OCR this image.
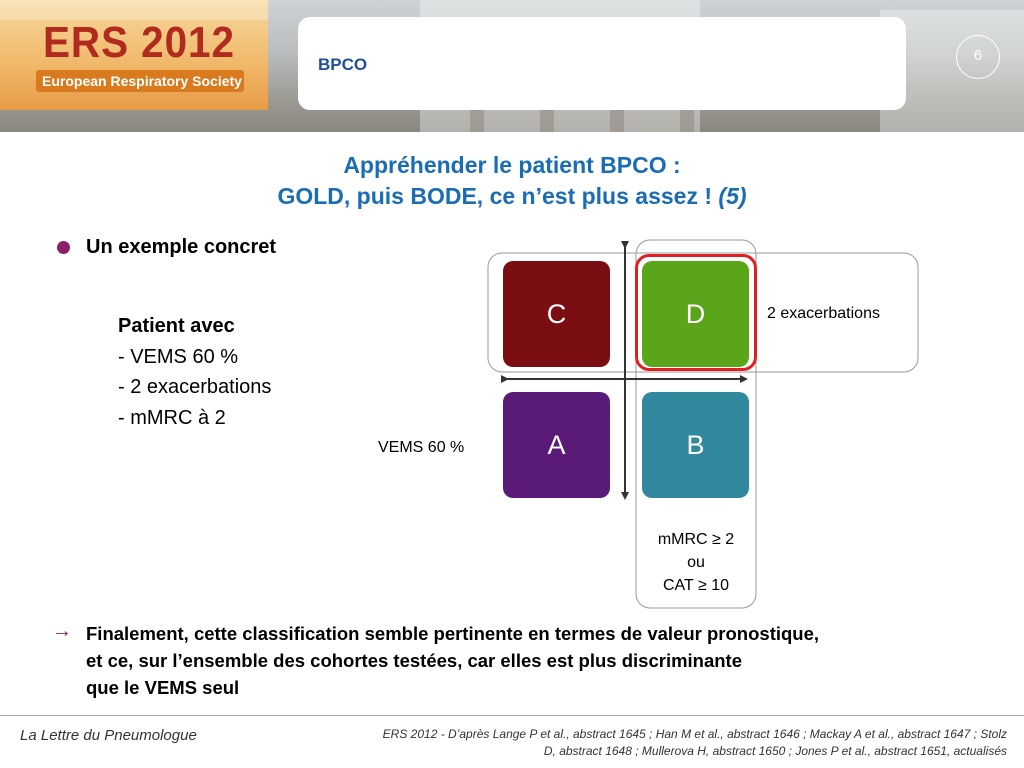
ERS 2012
European Respiratory Society
BPCO	6
Appréhender le patient BPCO :
GOLD, puis BODE, ce n’est plus assez ! (5)
Un exemple concret
Patient avec
- VEMS 60 %
- 2 exacerbations
- mMRC à 2
C	D
A	B
2 exacerbations
VEMS 60 %
mMRC ≥ 2
ou
CAT ≥ 10
→ Finalement, cette classification semble pertinente en termes de valeur pronostique,
et ce, sur l’ensemble des cohortes testées, car elles est plus discriminante
que le VEMS seul
La Lettre du Pneumologue	ERS 2012 - D’après Lange P et al., abstract 1645 ; Han M et al., abstract 1646 ; Mackay A et al., abstract 1647 ; Stolz
D, abstract 1648 ; Mullerova H, abstract 1650 ; Jones P et al., abstract 1651, actualisés
